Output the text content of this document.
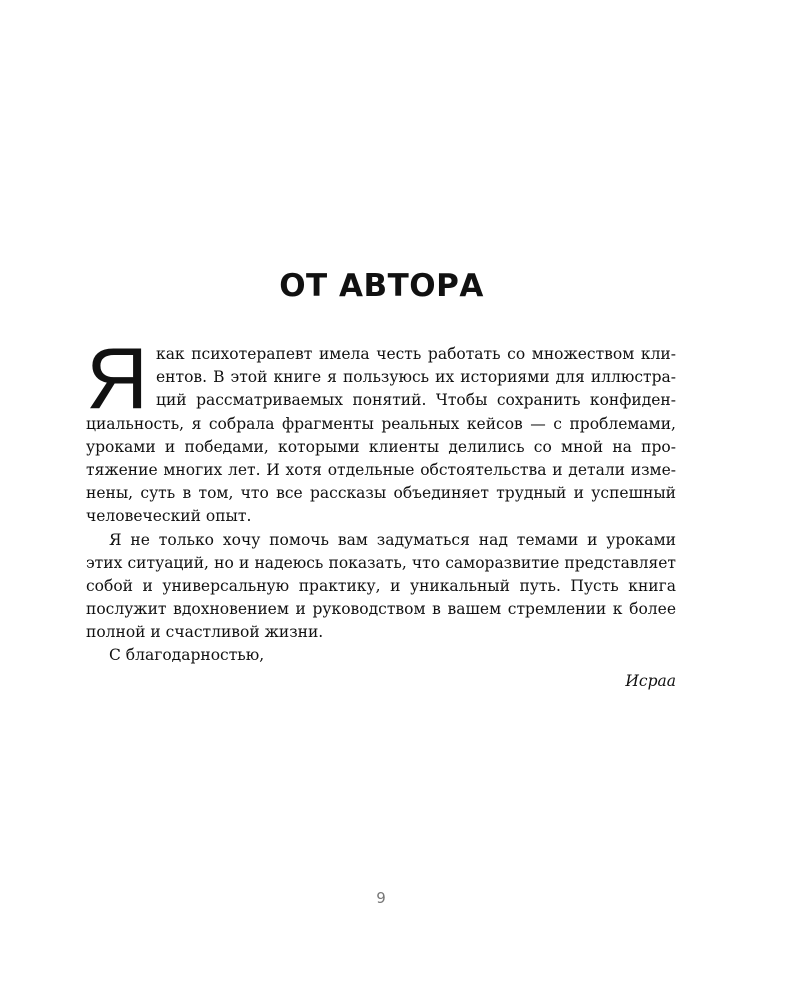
ОТ АВТОРА
Я как психотерапевт имела честь работать со множеством кли-

ентов. В этой книге я пользуюсь их историями для иллюстра-

ций рассматриваемых понятий. Чтобы сохранить конфиден-

циальность, я собрала фрагменты реальных кейсов — с проблемами,

уроками и победами, которыми клиенты делились со мной на про-

тяжение многих лет. И хотя отдельные обстоятельства и детали изме-

нены, суть в том, что все рассказы объединяет трудный и успешный

человеческий опыт.

Я не только хочу помочь вам задуматься над темами и уроками

этих ситуаций, но и надеюсь показать, что саморазвитие представляет

собой и универсальную практику, и уникальный путь. Пусть книга

послужит вдохновением и руководством в вашем стремлении к более

полной и счастливой жизни.

С благодарностью,

Исраа
9
